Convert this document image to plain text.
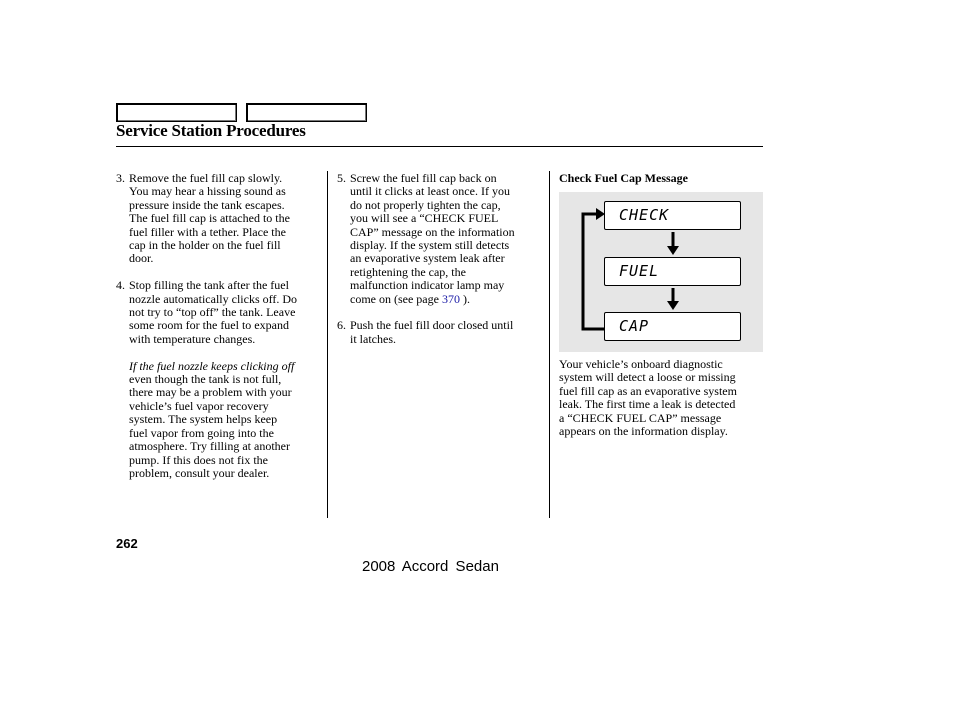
Service Station Procedures
3. Remove the fuel fill cap slowly.
You may hear a hissing sound as
pressure inside the tank escapes.
The fuel fill cap is attached to the
fuel filler with a tether. Place the
cap in the holder on the fuel fill
door.
4. Stop filling the tank after the fuel
nozzle automatically clicks off. Do
not try to “top off” the tank. Leave
some room for the fuel to expand
with temperature changes.
If the fuel nozzle keeps clicking off
even though the tank is not full,
there may be a problem with your
vehicle’s fuel vapor recovery
system. The system helps keep
fuel vapor from going into the
atmosphere. Try filling at another
pump. If this does not fix the
problem, consult your dealer.
5. Screw the fuel fill cap back on
until it clicks at least once. If you
do not properly tighten the cap,
you will see a “CHECK FUEL
CAP” message on the information
display. If the system still detects
an evaporative system leak after
retightening the cap, the
malfunction indicator lamp may
come on (see page 370 ).
6. Push the fuel fill door closed until
it latches.
Check Fuel Cap Message
CHECK
FUEL
CAP
Your vehicle’s onboard diagnostic
system will detect a loose or missing
fuel fill cap as an evaporative system
leak. The first time a leak is detected
a “CHECK FUEL CAP” message
appears on the information display.
262
2008 Accord Sedan
